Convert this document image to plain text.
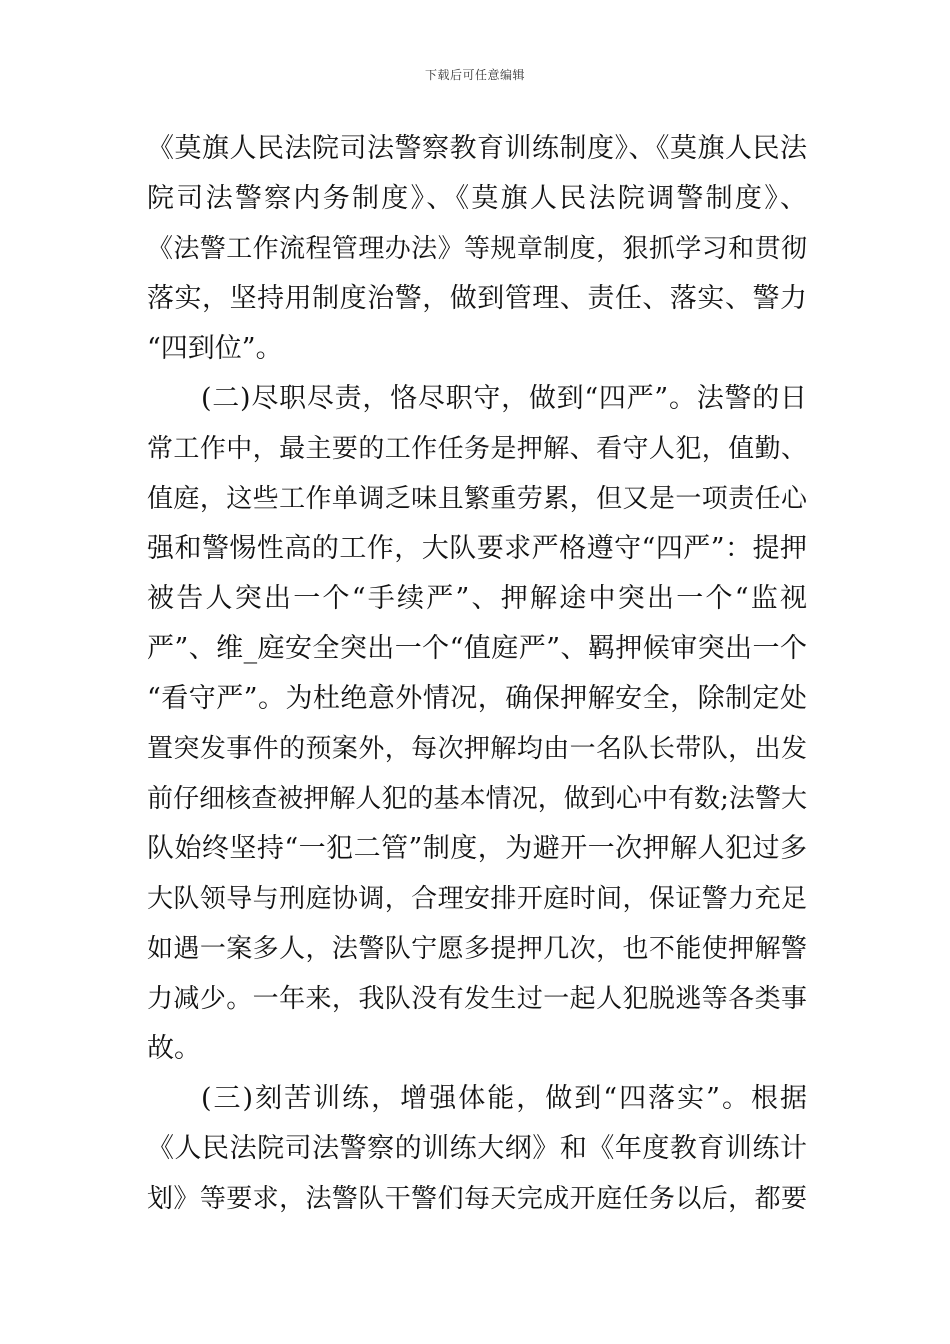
下载后可任意编辑
《莫旗人民法院司法警察教育训练制度》、《莫旗人民法
院司法警察内务制度》、《莫旗人民法院调警制度》、
《法警工作流程管理办法》等规章制度，狠抓学习和贯彻
落实，坚持用制度治警，做到管理、责任、落实、警力
“四到位”。
(二)尽职尽责，恪尽职守，做到“四严”。法警的日
常工作中，最主要的工作任务是押解、看守人犯，值勤、
值庭，这些工作单调乏味且繁重劳累，但又是一项责任心
强和警惕性高的工作，大队要求严格遵守“四严”：提押
被告人突出一个“手续严”、押解途中突出一个“监视
严”、维_庭安全突出一个“值庭严”、羁押候审突出一个
“看守严”。为杜绝意外情况，确保押解安全，除制定处
置突发事件的预案外，每次押解均由一名队长带队，出发
前仔细核查被押解人犯的基本情况，做到心中有数;法警大
队始终坚持“一犯二管”制度，为避开一次押解人犯过多
大队领导与刑庭协调，合理安排开庭时间，保证警力充足
如遇一案多人，法警队宁愿多提押几次，也不能使押解警
力减少。一年来，我队没有发生过一起人犯脱逃等各类事
故。
(三)刻苦训练，增强体能，做到“四落实”。根据
《人民法院司法警察的训练大纲》和《年度教育训练计
划》等要求，法警队干警们每天完成开庭任务以后，都要
